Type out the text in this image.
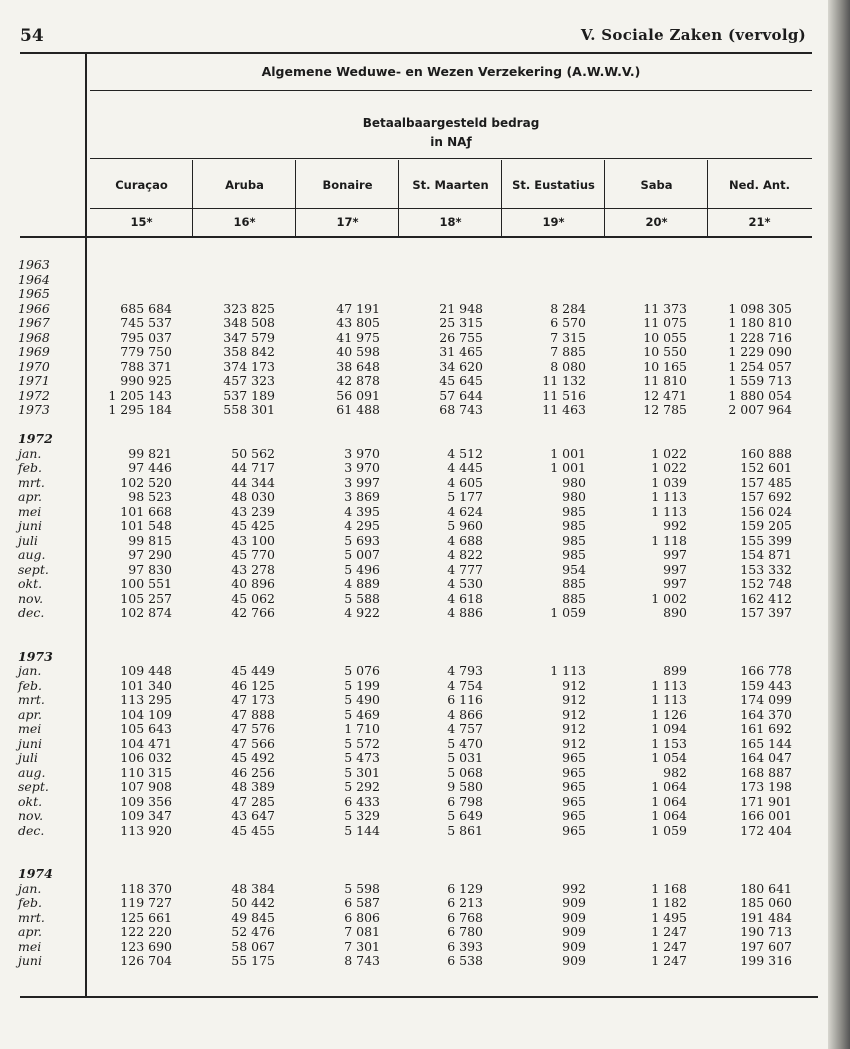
54	V. Sociale Zaken (vervolg)
Algemene Weduwe- en Wezen Verzekering (A.W.W.V.)
Betaalbaargesteld bedrag
in NAƒ
Curaçao	Aruba	Bonaire	St. Maarten	St. Eustatius	Saba	Ned. Ant.
15*	16*	17*	18*	19*	20*	21*
1963
1964
1965
1966	685 684	323 825	47 191	21 948	8 284	11 373	1 098 305
1967	745 537	348 508	43 805	25 315	6 570	11 075	1 180 810
1968	795 037	347 579	41 975	26 755	7 315	10 055	1 228 716
1969	779 750	358 842	40 598	31 465	7 885	10 550	1 229 090
1970	788 371	374 173	38 648	34 620	8 080	10 165	1 254 057
1971	990 925	457 323	42 878	45 645	11 132	11 810	1 559 713
1972	1 205 143	537 189	56 091	57 644	11 516	12 471	1 880 054
1973	1 295 184	558 301	61 488	68 743	11 463	12 785	2 007 964
1972
jan.	99 821	50 562	3 970	4 512	1 001	1 022	160 888
feb.	97 446	44 717	3 970	4 445	1 001	1 022	152 601
mrt.	102 520	44 344	3 997	4 605	980	1 039	157 485
apr.	98 523	48 030	3 869	5 177	980	1 113	157 692
mei	101 668	43 239	4 395	4 624	985	1 113	156 024
juni	101 548	45 425	4 295	5 960	985	992	159 205
juli	99 815	43 100	5 693	4 688	985	1 118	155 399
aug.	97 290	45 770	5 007	4 822	985	997	154 871
sept.	97 830	43 278	5 496	4 777	954	997	153 332
okt.	100 551	40 896	4 889	4 530	885	997	152 748
nov.	105 257	45 062	5 588	4 618	885	1 002	162 412
dec.	102 874	42 766	4 922	4 886	1 059	890	157 397
1973
jan.	109 448	45 449	5 076	4 793	1 113	899	166 778
feb.	101 340	46 125	5 199	4 754	912	1 113	159 443
mrt.	113 295	47 173	5 490	6 116	912	1 113	174 099
apr.	104 109	47 888	5 469	4 866	912	1 126	164 370
mei	105 643	47 576	1 710	4 757	912	1 094	161 692
juni	104 471	47 566	5 572	5 470	912	1 153	165 144
juli	106 032	45 492	5 473	5 031	965	1 054	164 047
aug.	110 315	46 256	5 301	5 068	965	982	168 887
sept.	107 908	48 389	5 292	9 580	965	1 064	173 198
okt.	109 356	47 285	6 433	6 798	965	1 064	171 901
nov.	109 347	43 647	5 329	5 649	965	1 064	166 001
dec.	113 920	45 455	5 144	5 861	965	1 059	172 404
1974
jan.	118 370	48 384	5 598	6 129	992	1 168	180 641
feb.	119 727	50 442	6 587	6 213	909	1 182	185 060
mrt.	125 661	49 845	6 806	6 768	909	1 495	191 484
apr.	122 220	52 476	7 081	6 780	909	1 247	190 713
mei	123 690	58 067	7 301	6 393	909	1 247	197 607
juni	126 704	55 175	8 743	6 538	909	1 247	199 316
